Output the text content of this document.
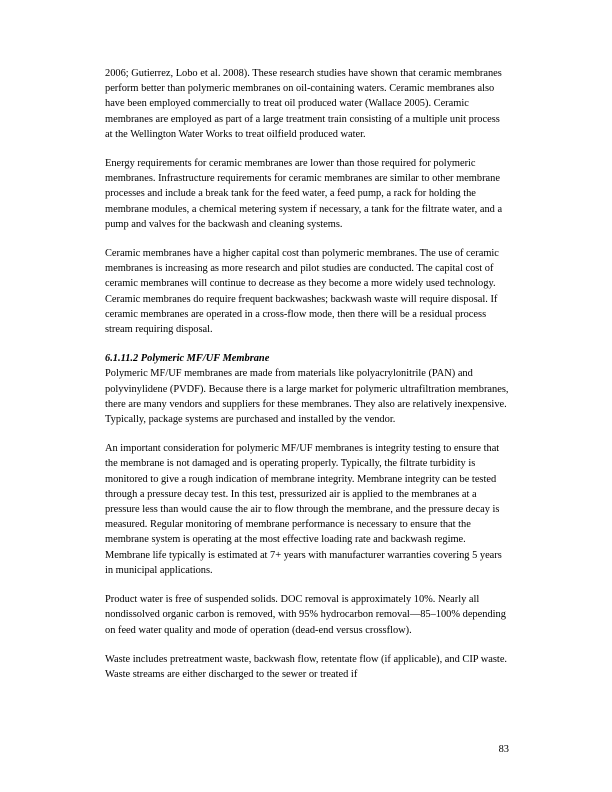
2006; Gutierrez, Lobo et al. 2008). These research studies have shown that ceramic membranes perform better than polymeric membranes on oil-containing waters. Ceramic membranes also have been employed commercially to treat oil produced water (Wallace 2005). Ceramic membranes are employed as part of a large treatment train consisting of a multiple unit process at the Wellington Water Works to treat oilfield produced water.

Energy requirements for ceramic membranes are lower than those required for polymeric membranes. Infrastructure requirements for ceramic membranes are similar to other membrane processes and include a break tank for the feed water, a feed pump, a rack for holding the membrane modules, a chemical metering system if necessary, a tank for the filtrate water, and a pump and valves for the backwash and cleaning systems.

Ceramic membranes have a higher capital cost than polymeric membranes. The use of ceramic membranes is increasing as more research and pilot studies are conducted. The capital cost of ceramic membranes will continue to decrease as they become a more widely used technology. Ceramic membranes do require frequent backwashes; backwash waste will require disposal. If ceramic membranes are operated in a cross-flow mode, then there will be a residual process stream requiring disposal.

6.1.11.2 Polymeric MF/UF Membrane

Polymeric MF/UF membranes are made from materials like polyacrylonitrile (PAN) and polyvinylidene (PVDF). Because there is a large market for polymeric ultrafiltration membranes, there are many vendors and suppliers for these membranes. They also are relatively inexpensive. Typically, package systems are purchased and installed by the vendor.

An important consideration for polymeric MF/UF membranes is integrity testing to ensure that the membrane is not damaged and is operating properly. Typically, the filtrate turbidity is monitored to give a rough indication of membrane integrity. Membrane integrity can be tested through a pressure decay test. In this test, pressurized air is applied to the membranes at a pressure less than would cause the air to flow through the membrane, and the pressure decay is measured. Regular monitoring of membrane performance is necessary to ensure that the membrane system is operating at the most effective loading rate and backwash regime. Membrane life typically is estimated at 7+ years with manufacturer warranties covering 5 years in municipal applications.

Product water is free of suspended solids. DOC removal is approximately 10%. Nearly all nondissolved organic carbon is removed, with 95% hydrocarbon removal—85–100% depending on feed water quality and mode of operation (dead-end versus crossflow).

Waste includes pretreatment waste, backwash flow, retentate flow (if applicable), and CIP waste. Waste streams are either discharged to the sewer or treated if

83
